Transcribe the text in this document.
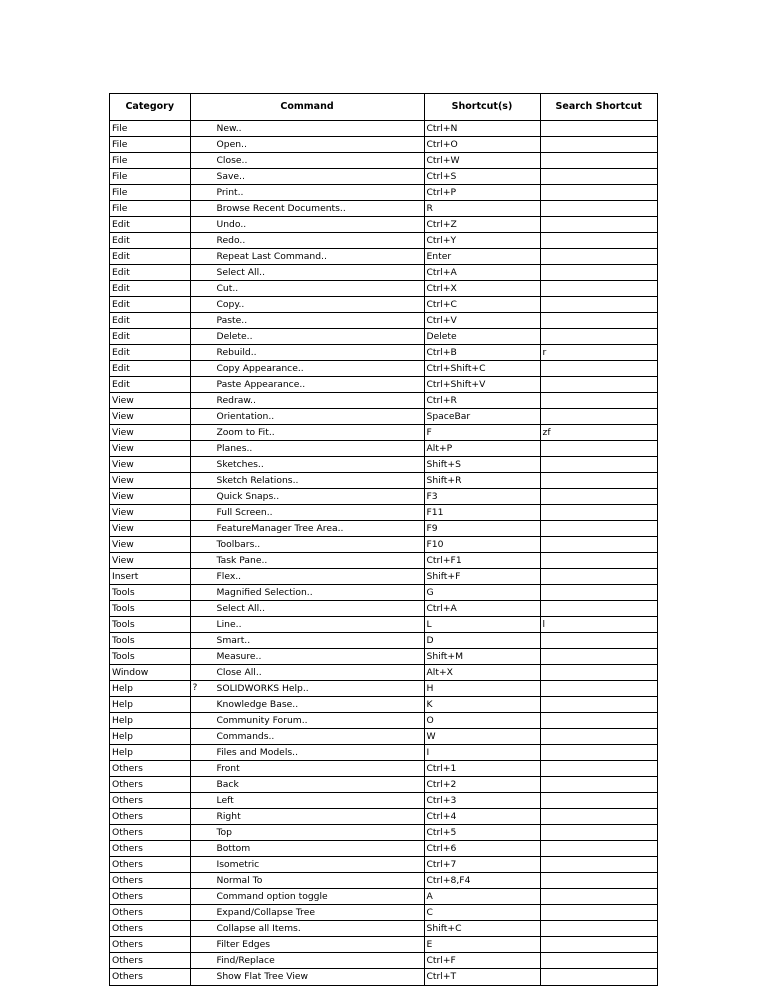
Category	Command	Shortcut(s)	Search Shortcut
File	New..	Ctrl+N	
File	Open..	Ctrl+O	
File	Close..	Ctrl+W	
File	Save..	Ctrl+S	
File	Print..	Ctrl+P	
File	Browse Recent Documents..	R	
Edit	Undo..	Ctrl+Z	
Edit	Redo..	Ctrl+Y	
Edit	Repeat Last Command..	Enter	
Edit	Select All..	Ctrl+A	
Edit	Cut..	Ctrl+X	
Edit	Copy..	Ctrl+C	
Edit	Paste..	Ctrl+V	
Edit	Delete..	Delete	
Edit	Rebuild..	Ctrl+B	r
Edit	Copy Appearance..	Ctrl+Shift+C	
Edit	Paste Appearance..	Ctrl+Shift+V	
View	Redraw..	Ctrl+R	
View	Orientation..	SpaceBar	
View	Zoom to Fit..	F	zf
View	Planes..	Alt+P	
View	Sketches..	Shift+S	
View	Sketch Relations..	Shift+R	
View	Quick Snaps..	F3	
View	Full Screen..	F11	
View	FeatureManager Tree Area..	F9	
View	Toolbars..	F10	
View	Task Pane..	Ctrl+F1	
Insert	Flex..	Shift+F	
Tools	Magnified Selection..	G	
Tools	Select All..	Ctrl+A	
Tools	Line..	L	l
Tools	Smart..	D	
Tools	Measure..	Shift+M	
Window	Close All..	Alt+X	
Help	? SOLIDWORKS Help..	H	
Help	Knowledge Base..	K	
Help	Community Forum..	O	
Help	Commands..	W	
Help	Files and Models..	I	
Others	Front	Ctrl+1	
Others	Back	Ctrl+2	
Others	Left	Ctrl+3	
Others	Right	Ctrl+4	
Others	Top	Ctrl+5	
Others	Bottom	Ctrl+6	
Others	Isometric	Ctrl+7	
Others	Normal To	Ctrl+8,F4	
Others	Command option toggle	A	
Others	Expand/Collapse Tree	C	
Others	Collapse all Items.	Shift+C	
Others	Filter Edges	E	
Others	Find/Replace	Ctrl+F	
Others	Show Flat Tree View	Ctrl+T	
